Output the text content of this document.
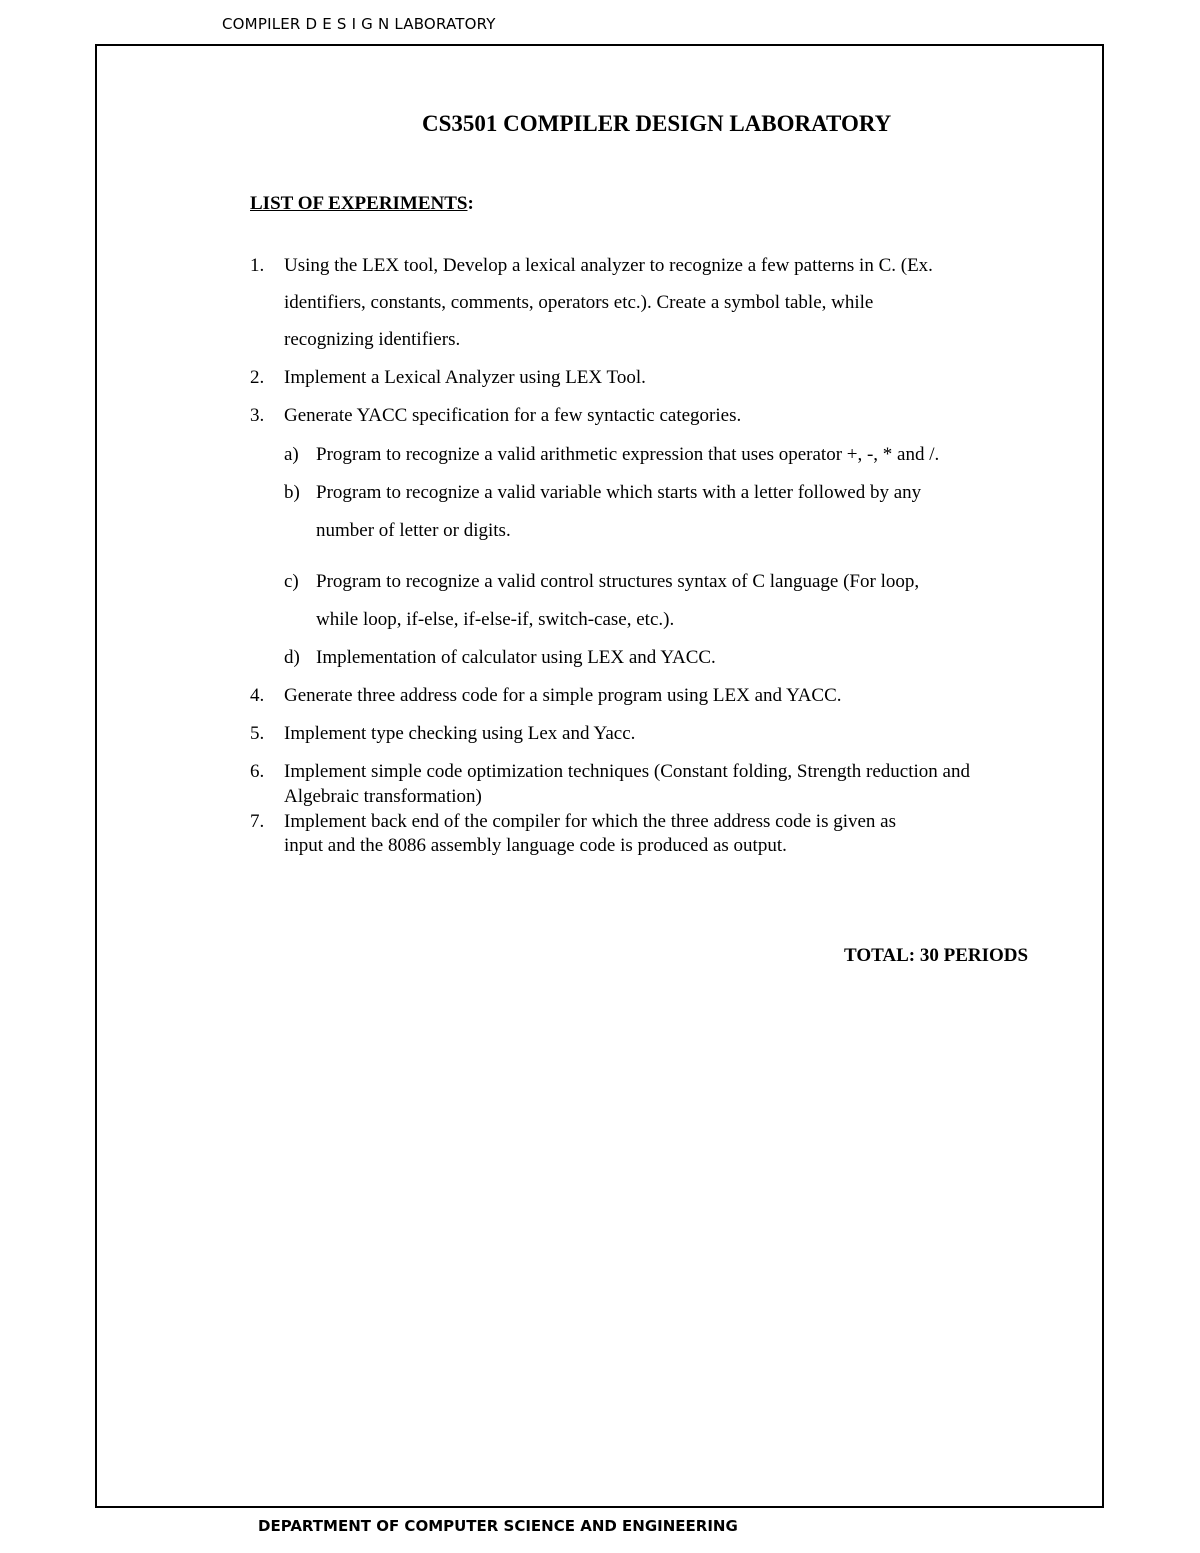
COMPILER D E S I G N LABORATORY
CS3501 COMPILER DESIGN LABORATORY
LIST OF EXPERIMENTS:
1. Using the LEX tool, Develop a lexical analyzer to recognize a few patterns in C. (Ex.
identifiers, constants, comments, operators etc.). Create a symbol table, while
recognizing identifiers.
2. Implement a Lexical Analyzer using LEX Tool.
3. Generate YACC specification for a few syntactic categories.
a) Program to recognize a valid arithmetic expression that uses operator +, -, * and /.
b) Program to recognize a valid variable which starts with a letter followed by any
number of letter or digits.
c) Program to recognize a valid control structures syntax of C language (For loop,
while loop, if-else, if-else-if, switch-case, etc.).
d) Implementation of calculator using LEX and YACC.
4. Generate three address code for a simple program using LEX and YACC.
5. Implement type checking using Lex and Yacc.
6. Implement simple code optimization techniques (Constant folding, Strength reduction and
Algebraic transformation)
7. Implement back end of the compiler for which the three address code is given as
input and the 8086 assembly language code is produced as output.
TOTAL: 30 PERIODS
DEPARTMENT OF COMPUTER SCIENCE AND ENGINEERING
